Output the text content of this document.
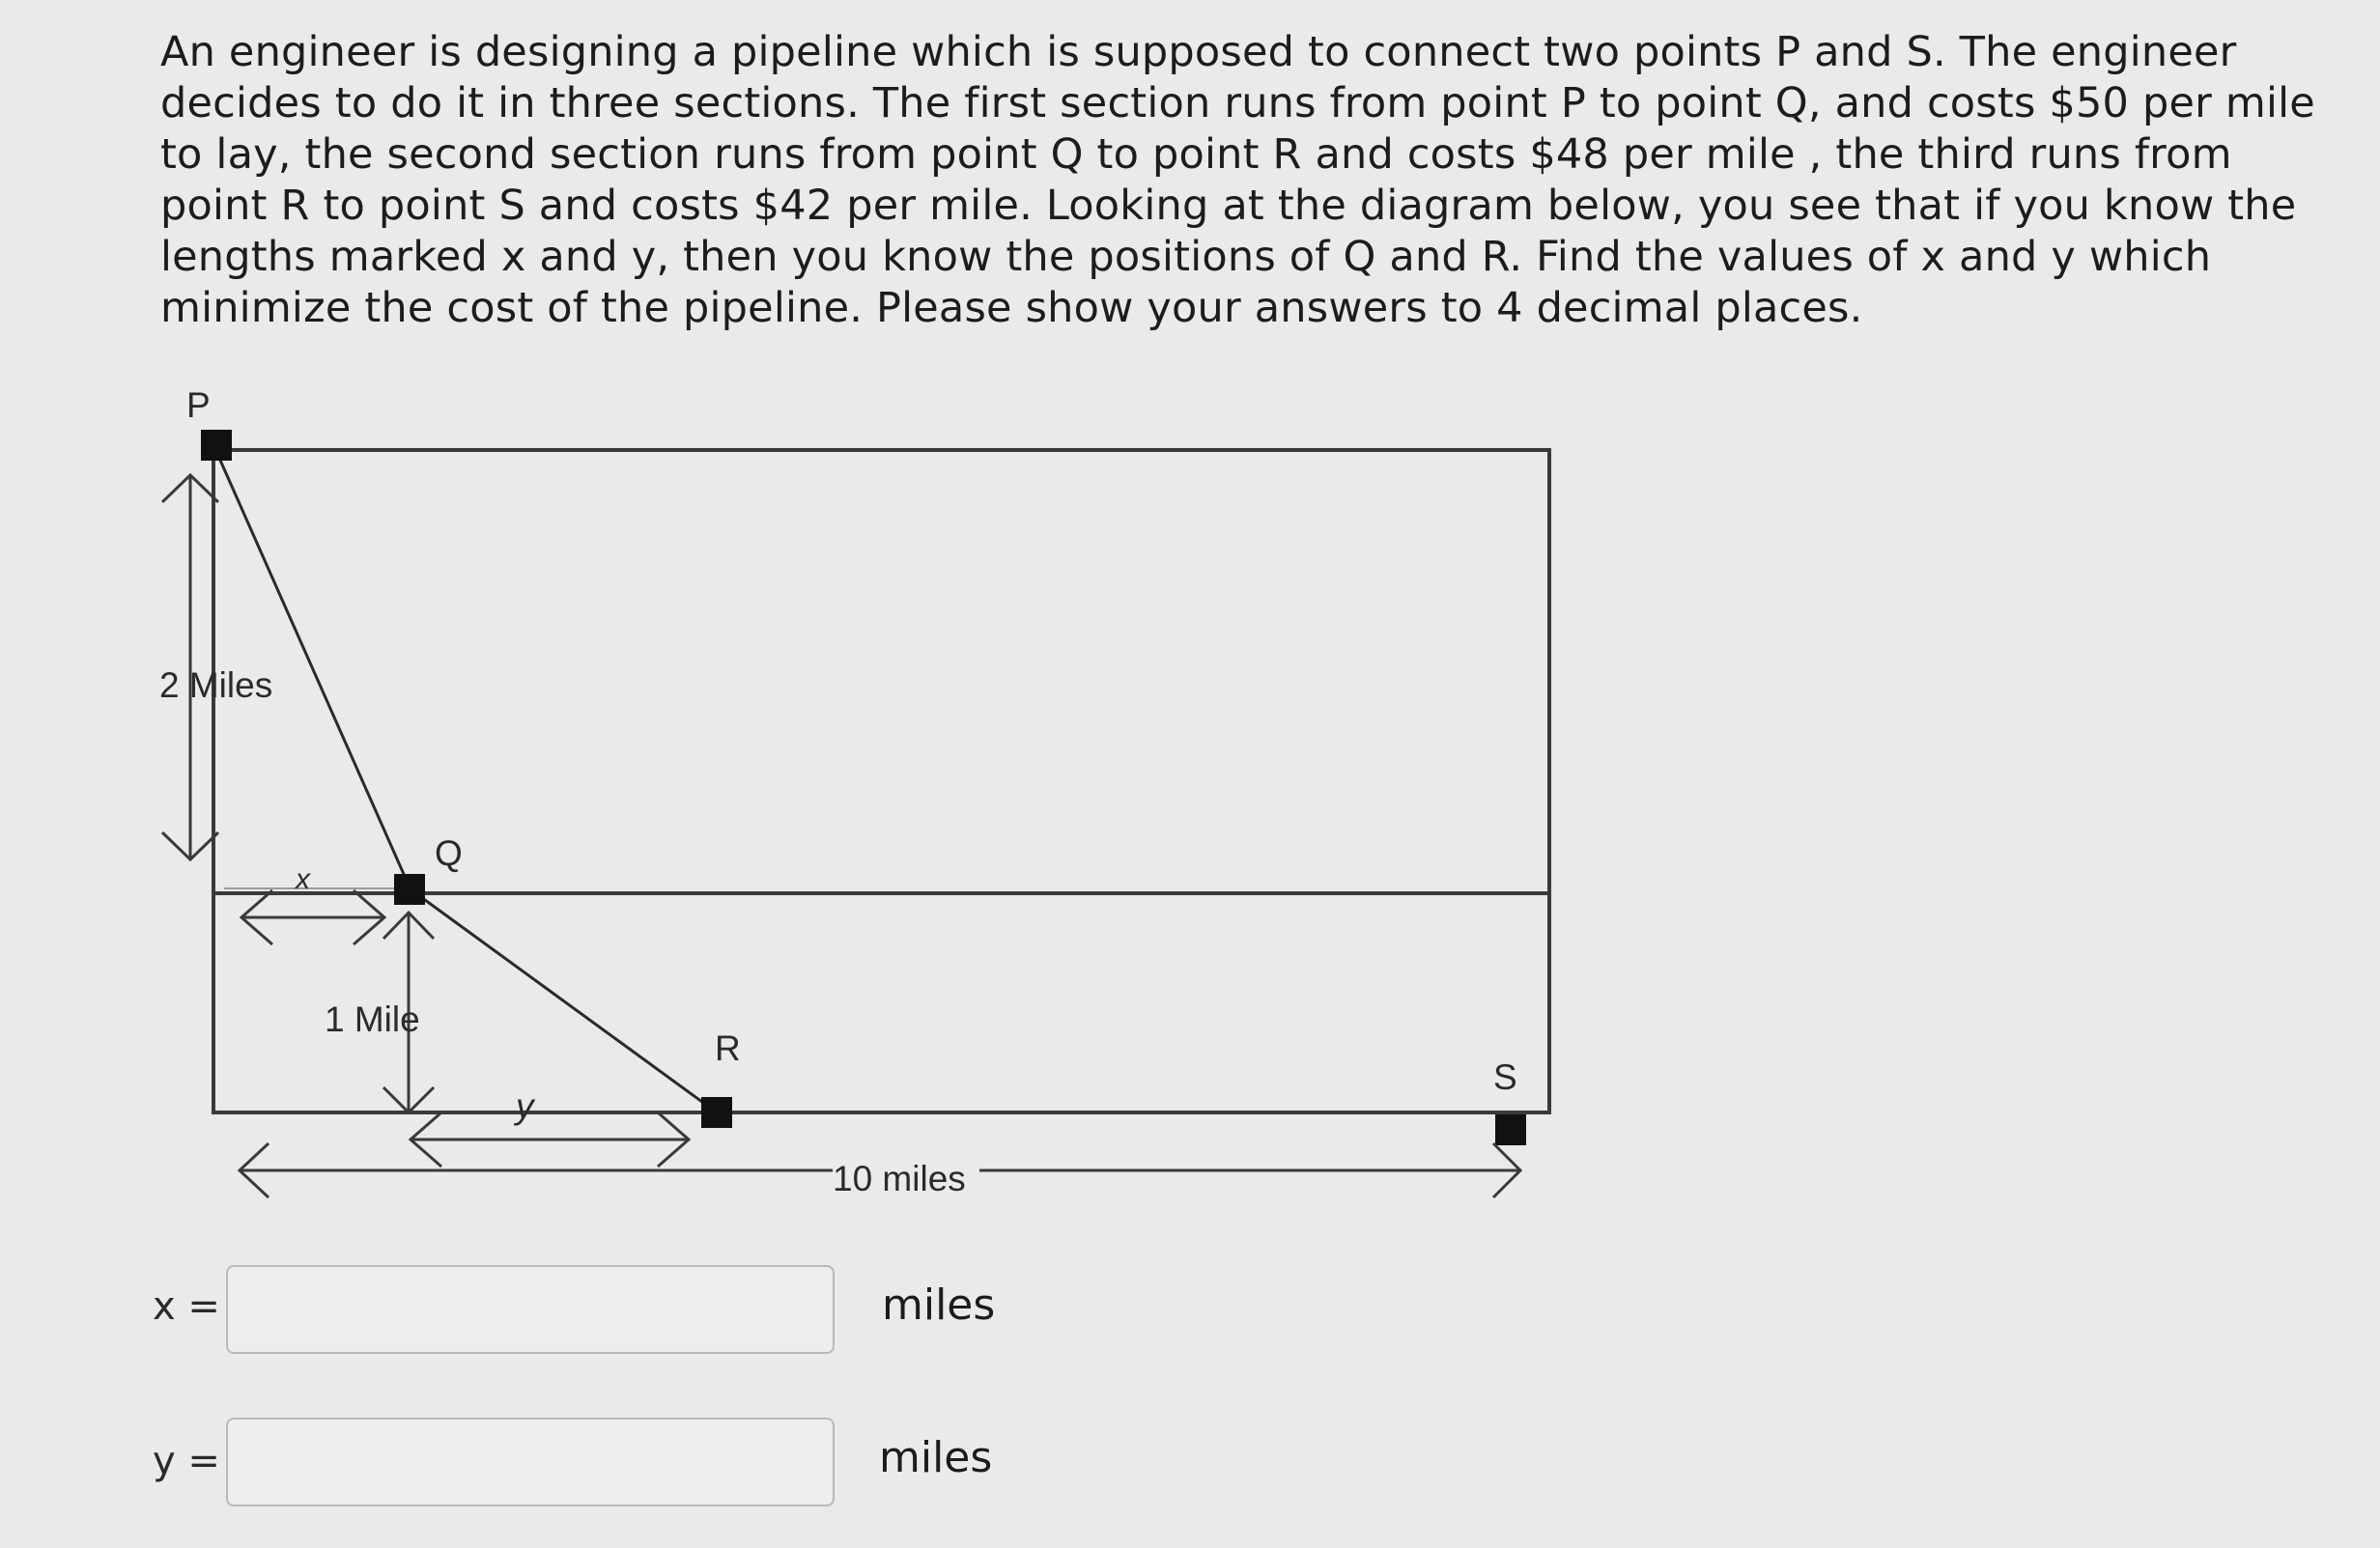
An engineer is designing a pipeline which is supposed to connect two points P and S. The engineer decides to do it in three sections. The first section runs from point P to point Q, and costs $50 per mile to lay, the second section runs from point Q to point R and costs $48 per mile , the third runs from point R to point S and costs $42 per mile. Looking at the diagram below, you see that if you know the lengths marked x and y, then you know the positions of Q and R. Find the values of x and y which minimize the cost of the pipeline. Please show your answers to 4 decimal places.

P
Q
R
S
2 Miles
1 Mile
x
y
10 miles
x =	miles
y =	miles
